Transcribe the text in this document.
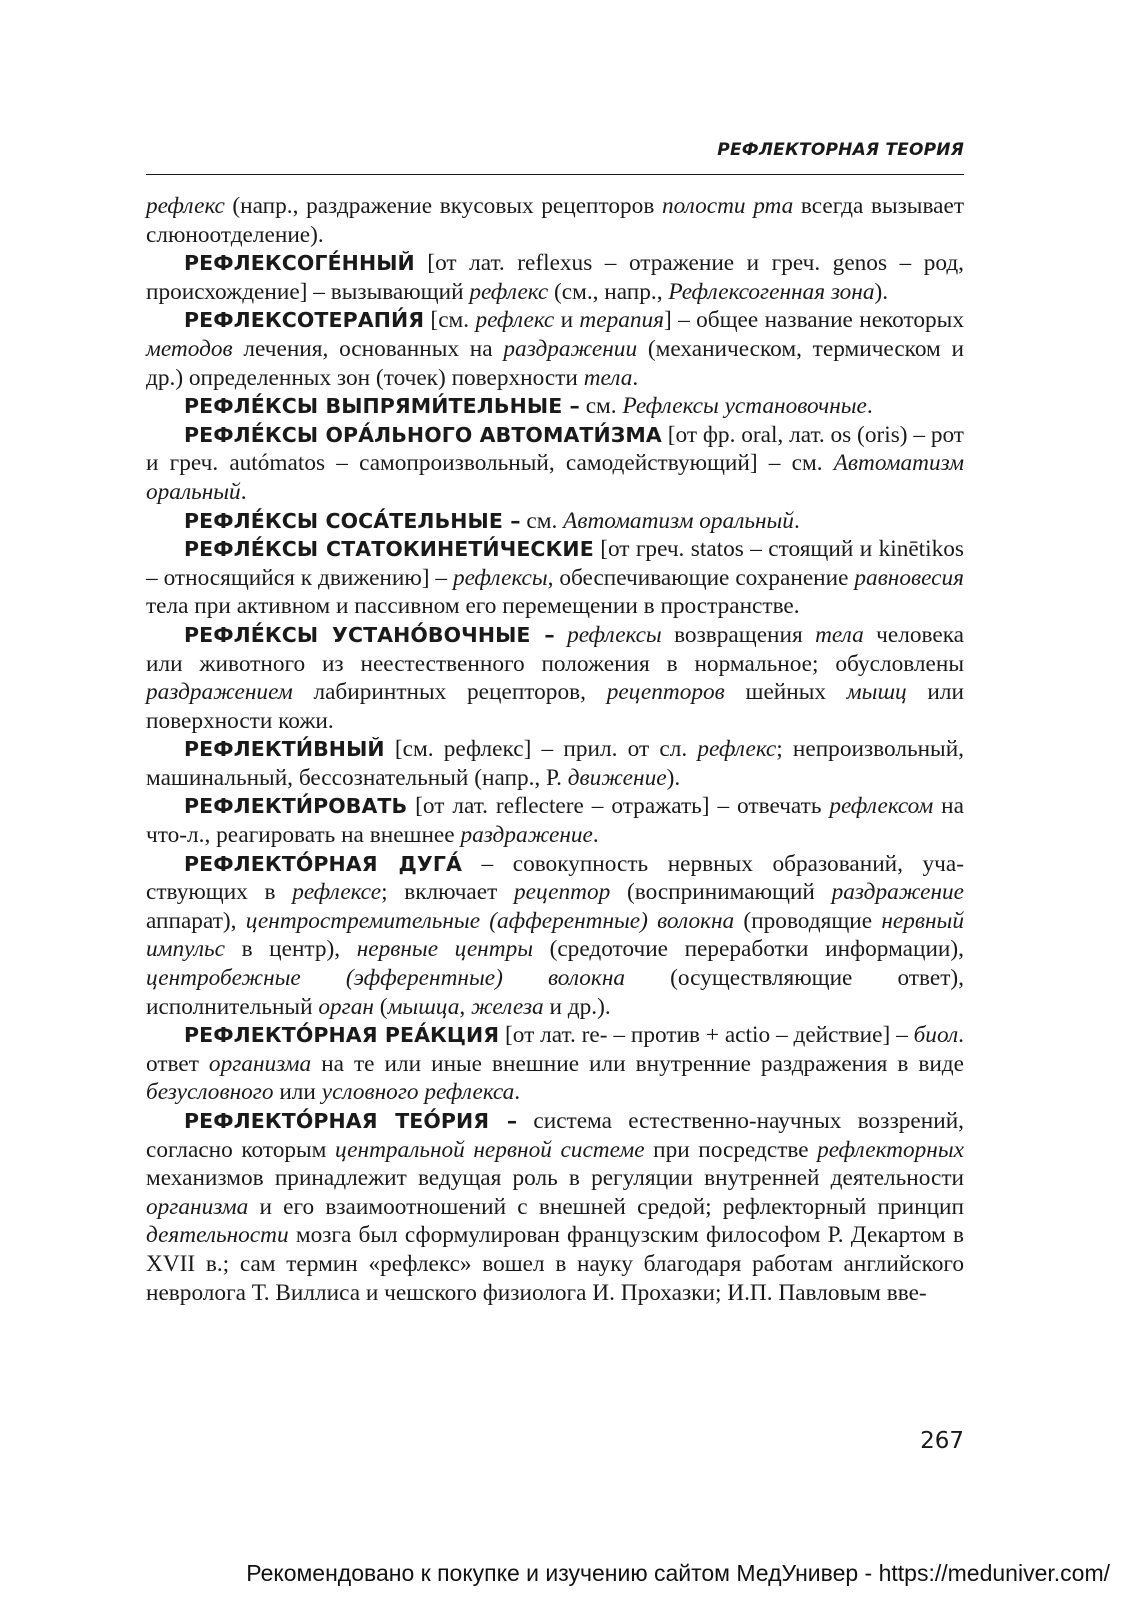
РЕФЛЕКТОРНАЯ ТЕОРИЯ

рефлекс (напр., раздражение вкусовых рецепторов полости рта всегда вызывает слюноотделение).

РЕФЛЕКСОГЕ́ННЫЙ [от лат. reflexus – отражение и греч. genos – род, происхождение] – вызывающий рефлекс (см., напр., Рефлексогенная зона).

РЕФЛЕКСОТЕРАПИ́Я [см. рефлекс и терапия] – общее название некоторых методов лечения, основанных на раздражении (механическом, термическом и др.) определенных зон (точек) поверхности тела.

РЕФЛЕ́КСЫ ВЫПРЯМИ́ТЕЛЬНЫЕ – см. Рефлексы установочные.

РЕФЛЕ́КСЫ ОРА́ЛЬНОГО АВТОМАТИ́ЗМА [от фр. oral, лат. os (oris) – рот и греч. autómatos – самопроизвольный, самодействующий] – см. Автоматизм оральный.

РЕФЛЕ́КСЫ СОСА́ТЕЛЬНЫЕ – см. Автоматизм оральный.

РЕФЛЕ́КСЫ СТАТОКИНЕТИ́ЧЕСКИЕ [от греч. statos – стоящий и kinētikos – относящийся к движению] – рефлексы, обеспечивающие сохранение равновесия тела при активном и пассивном его перемещении в пространстве.

РЕФЛЕ́КСЫ УСТАНО́ВОЧНЫЕ – рефлексы возвращения тела человека или животного из неестественного положения в нормальное; обусловлены раздражением лабиринтных рецепторов, рецепторов шейных мышц или поверхности кожи.

РЕФЛЕКТИ́ВНЫЙ [см. рефлекс] – прил. от сл. рефлекс; непроизвольный, машинальный, бессознательный (напр., Р. движение).

РЕФЛЕКТИ́РОВАТЬ [от лат. reflectere – отражать] – отвечать рефлексом на что-л., реагировать на внешнее раздражение.

РЕФЛЕКТО́РНАЯ ДУГА́ – совокупность нервных образований, участвующих в рефлексе; включает рецептор (воспринимающий раздражение аппарат), центростремительные (афферентные) волокна (проводящие нервный импульс в центр), нервные центры (средоточие переработки информации), центробежные (эфферентные) волокна (осуществляющие ответ), исполнительный орган (мышца, железа и др.).

РЕФЛЕКТО́РНАЯ РЕА́КЦИЯ [от лат. re- – против + actio – действие] – биол. ответ организма на те или иные внешние или внутренние раздражения в виде безусловного или условного рефлекса.

РЕФЛЕКТО́РНАЯ ТЕО́РИЯ – система естественно-научных воззрений, согласно которым центральной нервной системе при посредстве рефлекторных механизмов принадлежит ведущая роль в регуляции внутренней деятельности организма и его взаимоотношений с внешней средой; рефлекторный принцип деятельности мозга был сформулирован французским философом Р. Декартом в XVII в.; сам термин «рефлекс» вошел в науку благодаря работам английского невролога Т. Виллиса и чешского физиолога И. Прохазки; И.П. Павловым вве-

267
Рекомендовано к покупке и изучению сайтом МедУнивер - https://meduniver.com/
